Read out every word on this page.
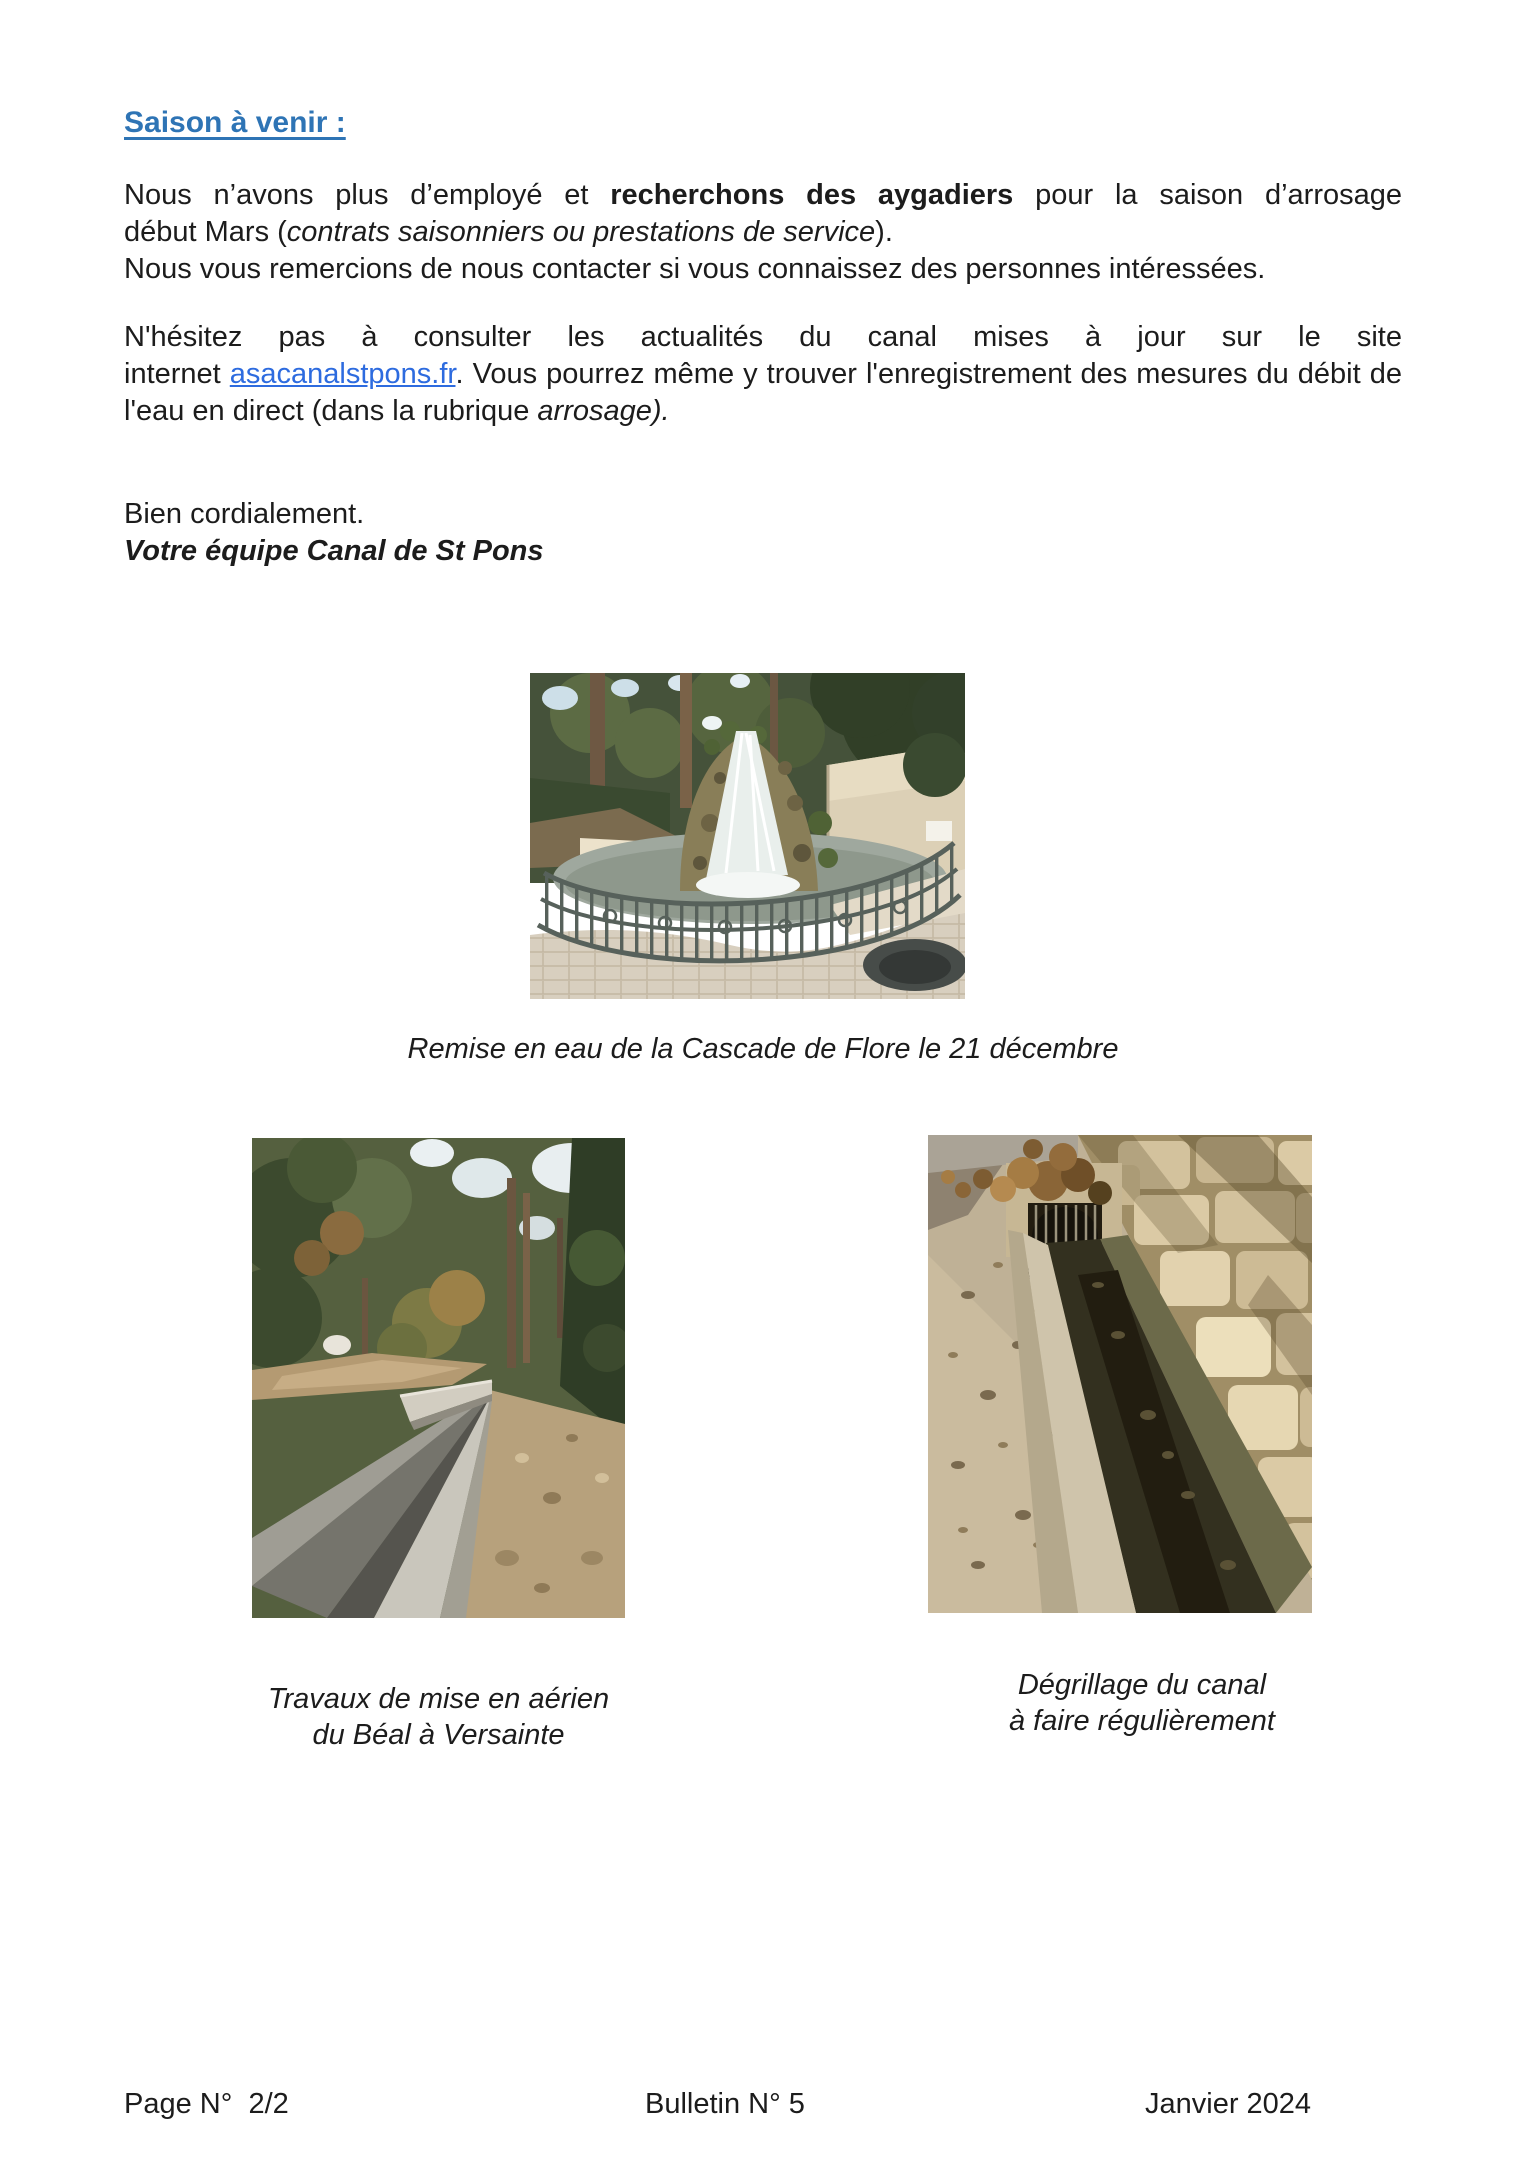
Saison à venir :

Nous n’avons plus d’employé et recherchons des aygadiers pour la saison d’arrosagedébut Mars (contrats saisonniers ou prestations de service).
Nous vous remercions de nous contacter si vous connaissez des personnes intéressées.

N'hésitez pas à consulter les actualités du canal mises à jour sur le siteinternet asacanalstpons.fr. Vous pourrez même y trouver l'enregistrement des mesures du débit de l'eau en direct (dans la rubrique arrosage).

Bien cordialement.
Votre équipe Canal de St Pons

Remise en eau de la Cascade de Flore le 21 décembre
Travaux de mise en aérien
du Béal à Versainte
Dégrillage du canal
à faire régulièrement
Page N°  2/2	Bulletin N° 5	Janvier 2024
